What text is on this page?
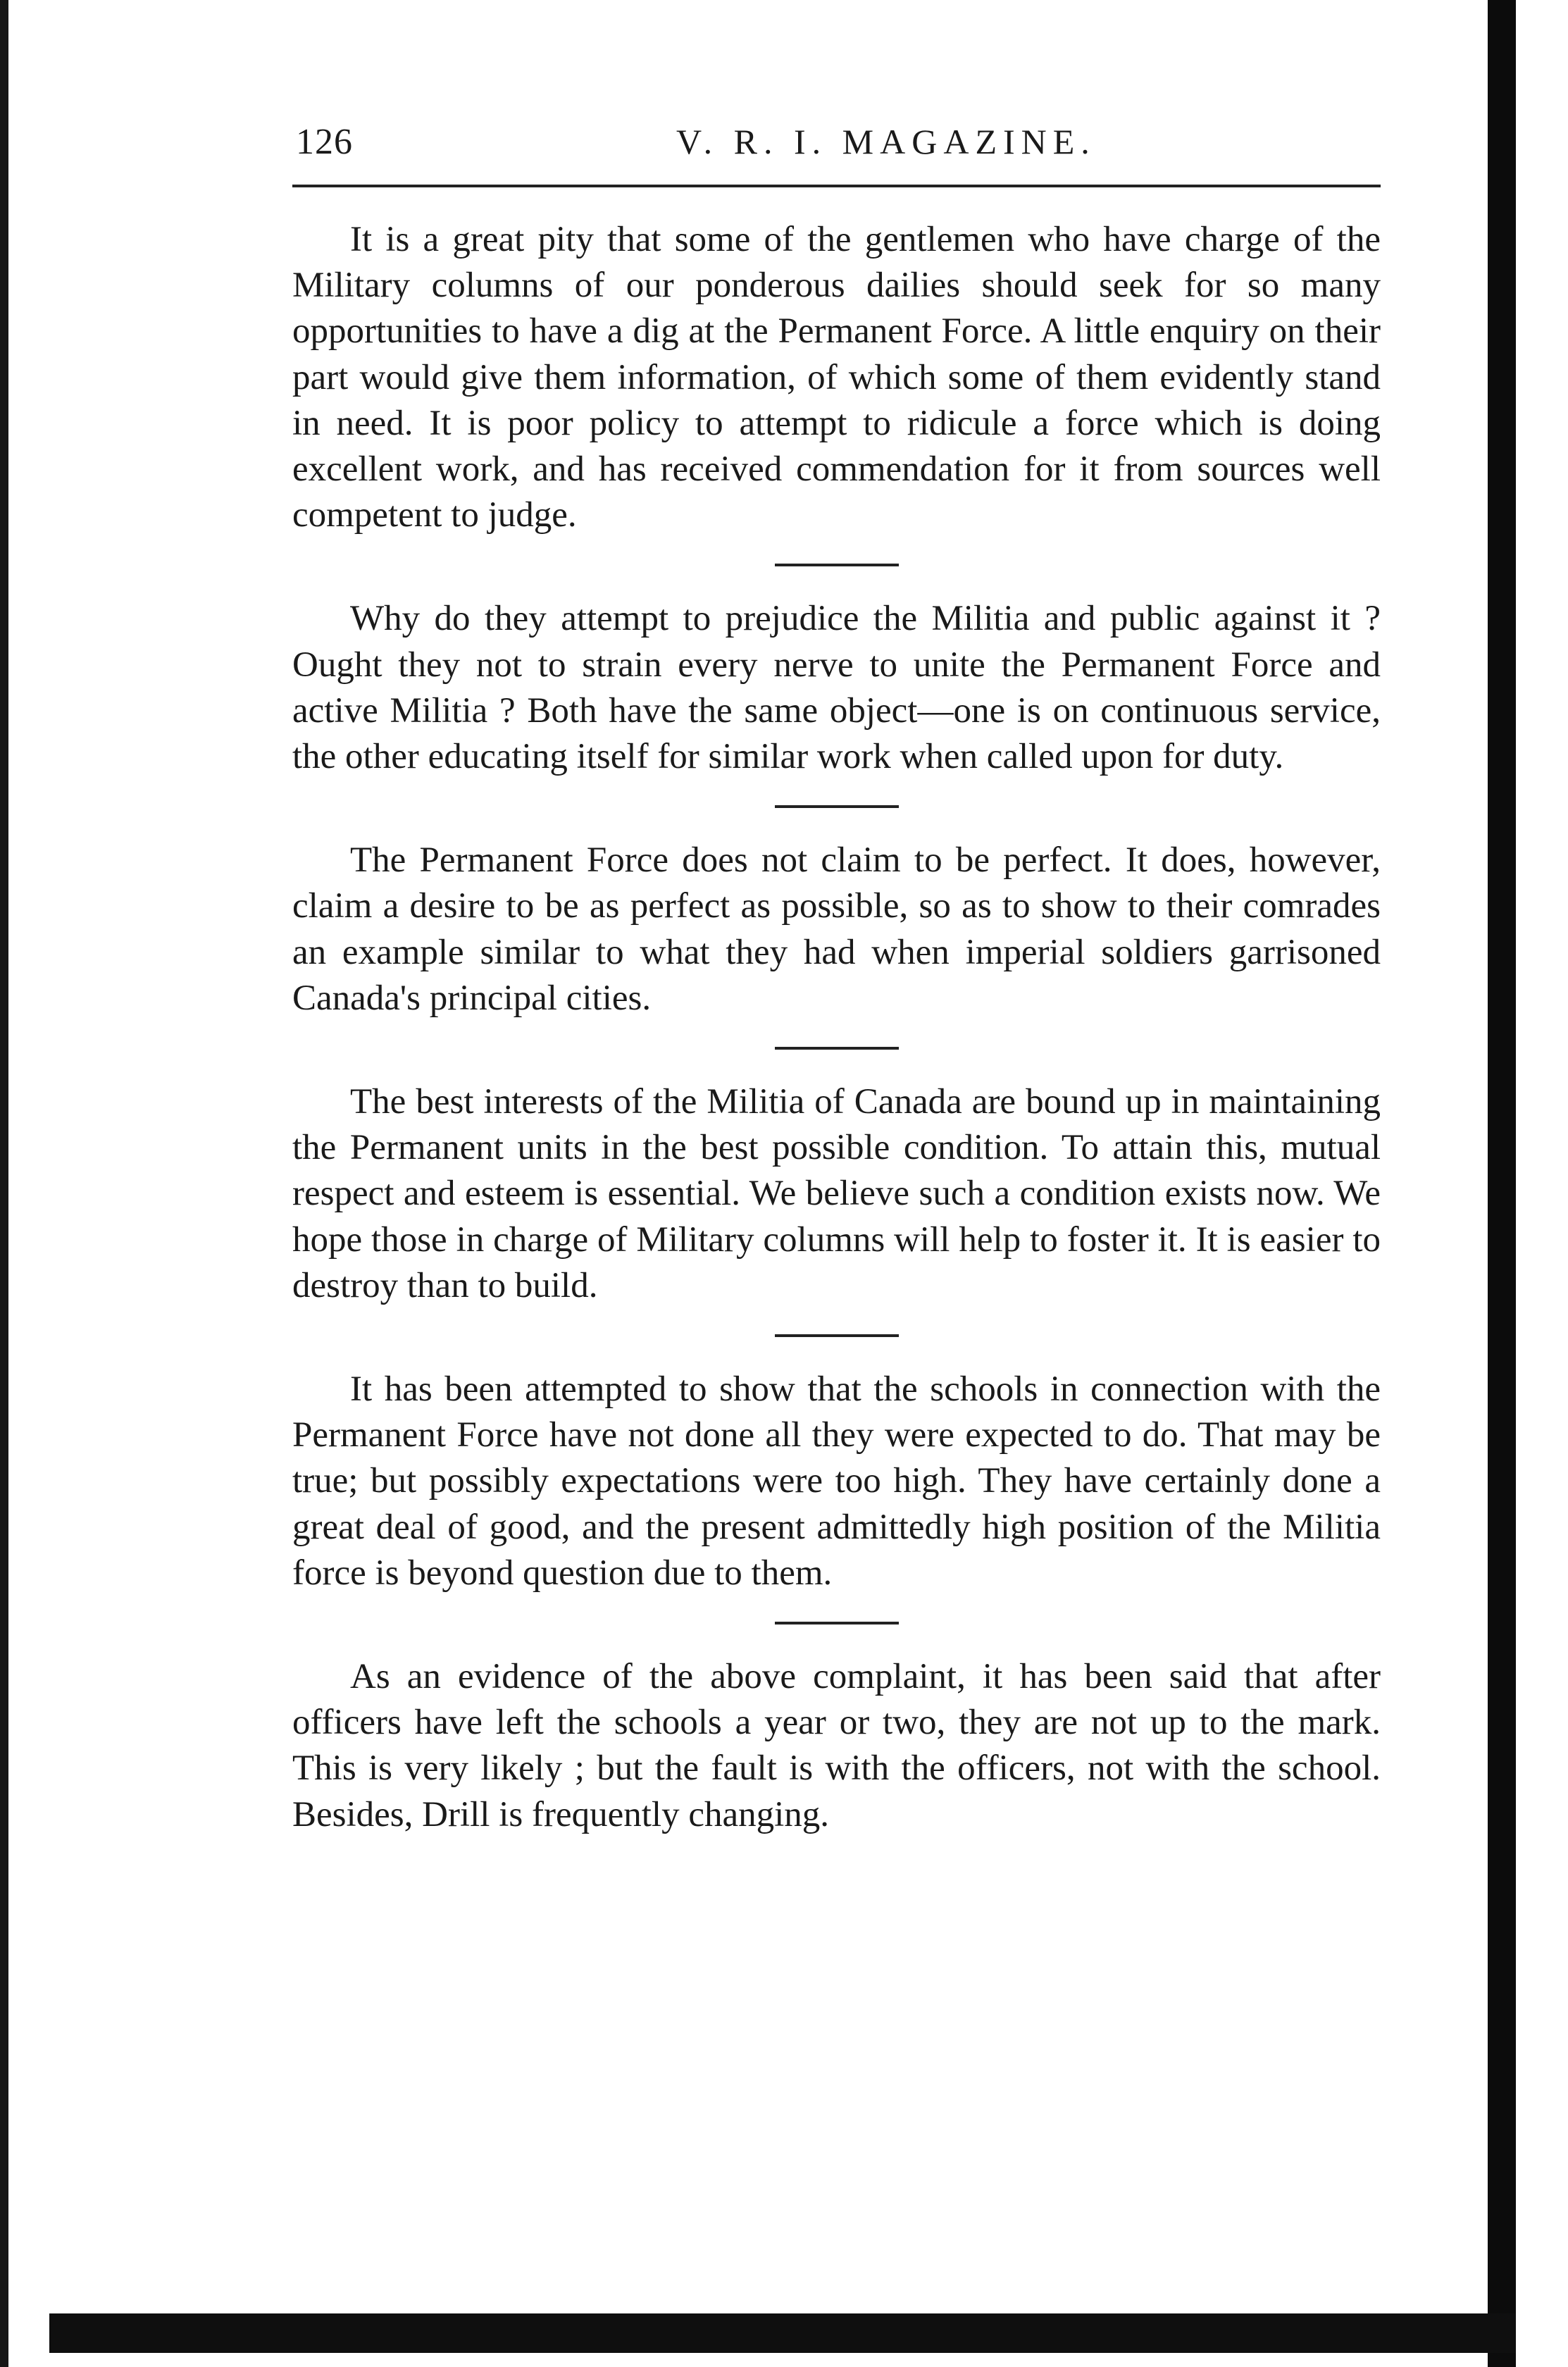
126	V. R. I. MAGAZINE.

It is a great pity that some of the gentlemen who have charge of the Military columns of our ponderous dailies should seek for so many opportunities to have a dig at the Permanent Force. A little enquiry on their part would give them information, of which some of them evidently stand in need. It is poor policy to attempt to ridicule a force which is doing excellent work, and has received commendation for it from sources well competent to judge.

Why do they attempt to prejudice the Militia and public against it ? Ought they not to strain every nerve to unite the Permanent Force and active Militia ? Both have the same object—one is on continuous service, the other educating itself for similar work when called upon for duty.

The Permanent Force does not claim to be perfect. It does, however, claim a desire to be as perfect as possible, so as to show to their comrades an example similar to what they had when imperial soldiers garrisoned Canada's principal cities.

The best interests of the Militia of Canada are bound up in maintaining the Permanent units in the best possible condition. To attain this, mutual respect and esteem is essential. We believe such a condition exists now. We hope those in charge of Military columns will help to foster it. It is easier to destroy than to build.

It has been attempted to show that the schools in connection with the Permanent Force have not done all they were expected to do. That may be true; but possibly expectations were too high. They have certainly done a great deal of good, and the present admittedly high position of the Militia force is beyond question due to them.

As an evidence of the above complaint, it has been said that after officers have left the schools a year or two, they are not up to the mark. This is very likely ; but the fault is with the officers, not with the school. Besides, Drill is frequently changing.
